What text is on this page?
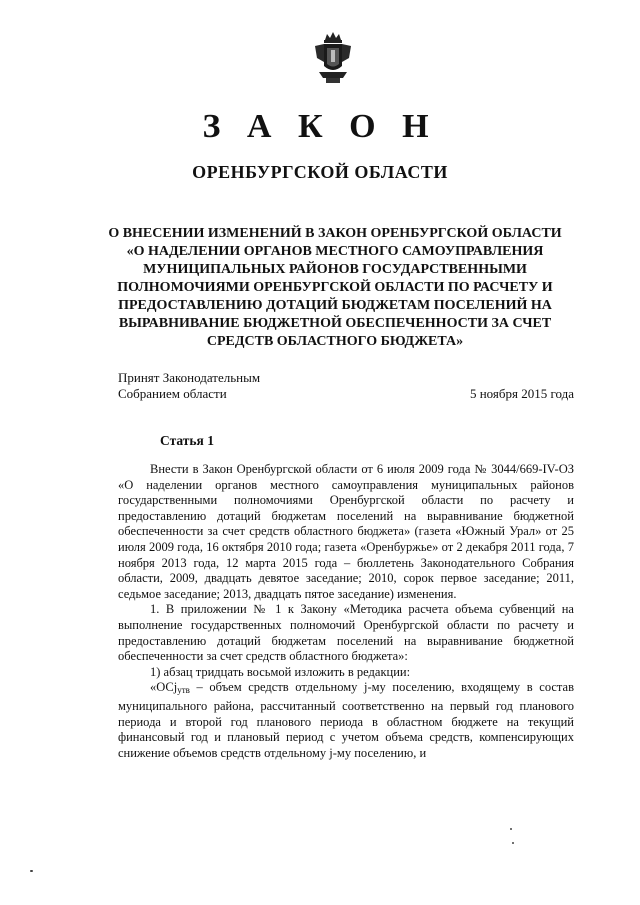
З А К О Н
ОРЕНБУРГСКОЙ ОБЛАСТИ
О ВНЕСЕНИИ ИЗМЕНЕНИЙ В ЗАКОН ОРЕНБУРГСКОЙ ОБЛАСТИ «О НАДЕЛЕНИИ ОРГАНОВ МЕСТНОГО САМОУПРАВЛЕНИЯ МУНИЦИПАЛЬНЫХ РАЙОНОВ ГОСУДАРСТВЕННЫМИ ПОЛНОМОЧИЯМИ ОРЕНБУРГСКОЙ ОБЛАСТИ ПО РАСЧЕТУ И ПРЕДОСТАВЛЕНИЮ ДОТАЦИЙ БЮДЖЕТАМ ПОСЕЛЕНИЙ НА ВЫРАВНИВАНИЕ БЮДЖЕТНОЙ ОБЕСПЕЧЕННОСТИ ЗА СЧЕТ СРЕДСТВ ОБЛАСТНОГО БЮДЖЕТА»
Принят Законодательным
Собранием области	5 ноября 2015 года
Статья 1

Внести в Закон Оренбургской области от 6 июля 2009 года № 3044/669-IV-ОЗ «О наделении органов местного самоуправления муниципальных районов государственными полномочиями Оренбургской области по расчету и предоставлению дотаций бюджетам поселений на выравнивание бюджетной обеспеченности за счет средств областного бюджета» (газета «Южный Урал» от 25 июля 2009 года, 16 октября 2010 года; газета «Оренбуржье» от 2 декабря 2011 года, 7 ноября 2013 года, 12 марта 2015 года – бюллетень Законодательного Собрания области, 2009, двадцать девятое заседание; 2010, сорок первое заседание; 2011, седьмое заседание; 2013, двадцать пятое заседание) изменения.

1. В приложении № 1 к Закону «Методика расчета объема субвенций на выполнение государственных полномочий Оренбургской области по расчету и предоставлению дотаций бюджетам поселений на выравнивание бюджетной обеспеченности за счет средств областного бюджета»:

1) абзац тридцать восьмой изложить в редакции:

«ОСjутв – объем средств отдельному j-му поселению, входящему в состав муниципального района, рассчитанный соответственно на первый год планового периода и второй год планового периода в областном бюджете на текущий финансовый год и плановый период с учетом объема средств, компенсирующих снижение объемов средств отдельному j-му поселению, и
